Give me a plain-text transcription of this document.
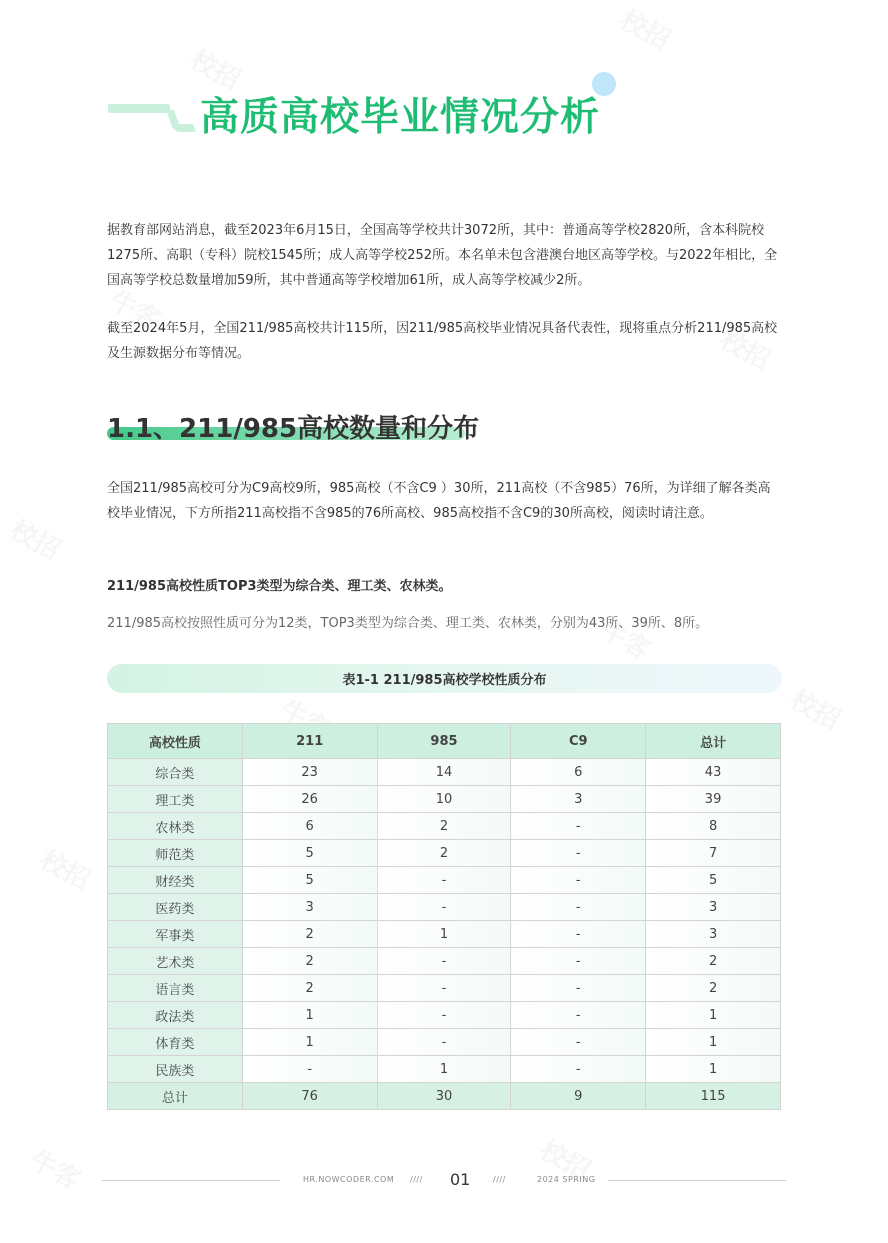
高质高校毕业情况分析

据教育部网站消息，截至2023年6月15日，全国高等学校共计3072所，其中：普通高等学校2820所，含本科院校1275所、高职（专科）院校1545所；成人高等学校252所。本名单未包含港澳台地区高等学校。与2022年相比，全国高等学校总数量增加59所，其中普通高等学校增加61所，成人高等学校减少2所。

截至2024年5月，全国211/985高校共计115所，因211/985高校毕业情况具备代表性，现将重点分析211/985高校及生源数据分布等情况。

1.1、211/985高校数量和分布

全国211/985高校可分为C9高校9所，985高校（不含C9 ）30所，211高校（不含985）76所，为详细了解各类高校毕业情况，下方所指211高校指不含985的76所高校、985高校指不含C9的30所高校，阅读时请注意。

211/985高校性质TOP3类型为综合类、理工类、农林类。

211/985高校按照性质可分为12类，TOP3类型为综合类、理工类、农林类，分别为43所、39所、8所。

表1-1 211/985高校学校性质分布
高校性质	211	985	C9	总计
综合类	23	14	6	43
理工类	26	10	3	39
农林类	6	2	-	8
师范类	5	2	-	7
财经类	5	-	-	5
医药类	3	-	-	3
军事类	2	1	-	3
艺术类	2	-	-	2
语言类	2	-	-	2
政法类	1	-	-	1
体育类	1	-	-	1
民族类	-	1	-	1
总计	76	30	9	115
HR.NOWCODER.COM //// 01	////	2024 SPRING
